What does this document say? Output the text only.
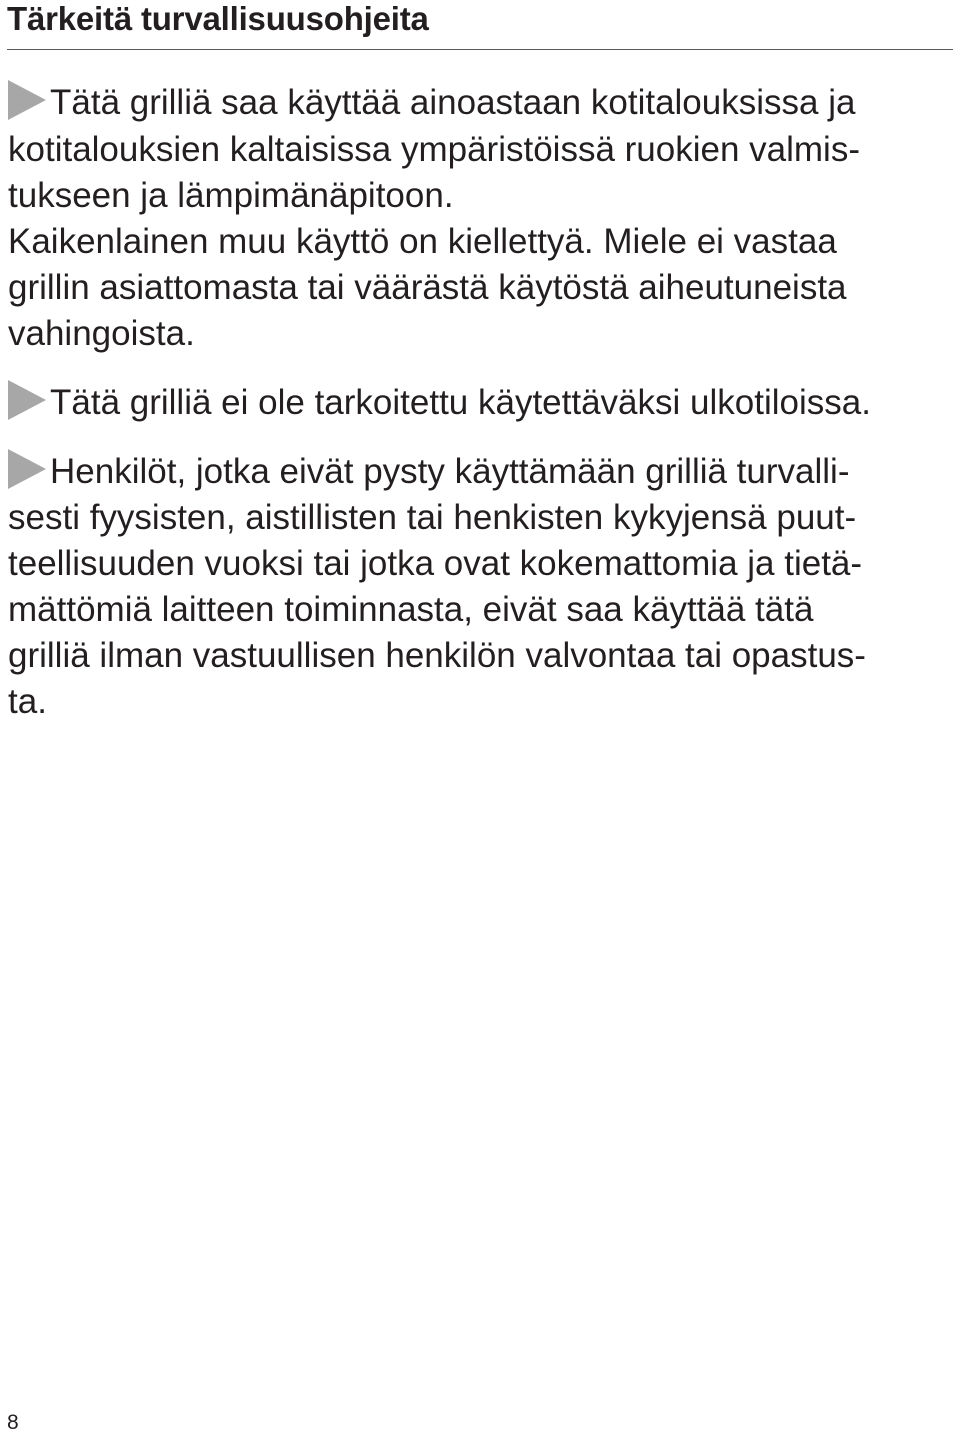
Tärkeitä turvallisuusohjeita

Tätä grilliä saa käyttää ainoastaan kotitalouksissa ja

kotitalouksien kaltaisissa ympäristöissä ruokien valmis-

tukseen ja lämpimänäpitoon.

Kaikenlainen muu käyttö on kiellettyä. Miele ei vastaa

grillin asiattomasta tai väärästä käytöstä aiheutuneista

vahingoista.

Tätä grilliä ei ole tarkoitettu käytettäväksi ulkotiloissa.

Henkilöt, jotka eivät pysty käyttämään grilliä turvalli-

sesti fyysisten, aistillisten tai henkisten kykyjensä puut-

teellisuuden vuoksi tai jotka ovat kokemattomia ja tietä-

mättömiä laitteen toiminnasta, eivät saa käyttää tätä

grilliä ilman vastuullisen henkilön valvontaa tai opastus-

ta.

8
